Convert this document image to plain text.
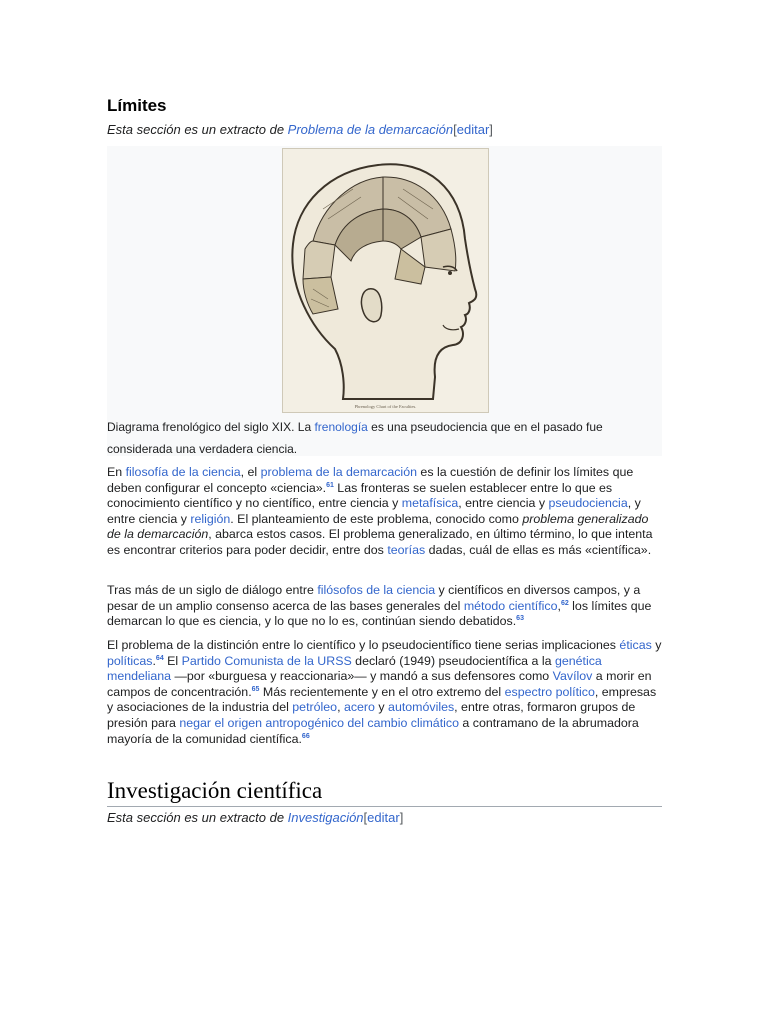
Límites
Esta sección es un extracto de Problema de la demarcación[editar]
Phrenology Chart of the Faculties.
Diagrama frenológico del siglo XIX. La frenología es una pseudociencia que en el pasado fue considerada una verdadera ciencia.

En filosofía de la ciencia, el problema de la demarcación es la cuestión de definir los límites que deben configurar el concepto «ciencia».$^{61}$ Las fronteras se suelen establecer entre lo que es conocimiento científico y no científico, entre ciencia y metafísica, entre ciencia y pseudociencia, y entre ciencia y religión. El planteamiento de este problema, conocido como problema generalizado de la demarcación, abarca estos casos. El problema generalizado, en último término, lo que intenta es encontrar criterios para poder decidir, entre dos teorías dadas, cuál de ellas es más «científica».

Tras más de un siglo de diálogo entre filósofos de la ciencia y científicos en diversos campos, y a pesar de un amplio consenso acerca de las bases generales del método científico,$^{62}$ los límites que demarcan lo que es ciencia, y lo que no lo es, continúan siendo debatidos.$^{63}$

El problema de la distinción entre lo científico y lo pseudocientífico tiene serias implicaciones éticas y políticas.$^{64}$ El Partido Comunista de la URSS declaró (1949) pseudocientífica a la genética mendeliana —por «burguesa y reaccionaria»— y mandó a sus defensores como Vavílov a morir en campos de concentración.$^{65}$ Más recientemente y en el otro extremo del espectro político, empresas y asociaciones de la industria del petróleo, acero y automóviles, entre otras, formaron grupos de presión para negar el origen antropogénico del cambio climático a contramano de la abrumadora mayoría de la comunidad científica.$^{66}$

Investigación científica
Esta sección es un extracto de Investigación[editar]
